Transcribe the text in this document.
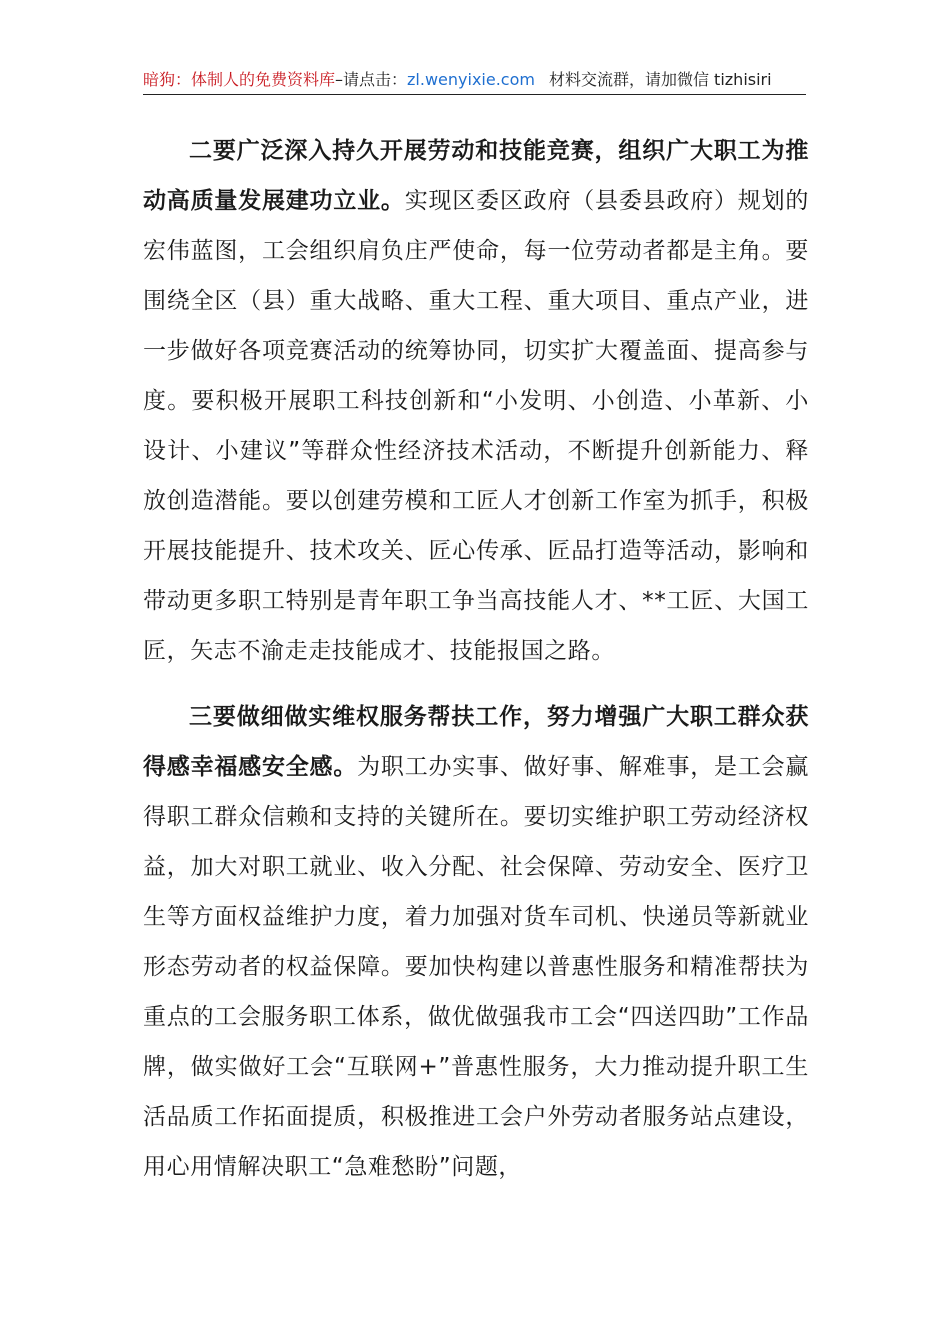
暗狗：体制人的免费资料库–请点击：zl.wenyixie.com 材料交流群，请加微信 tizhisiri

二要广泛深入持久开展劳动和技能竞赛，组织广大职工为推动高质量发展建功立业。实现区委区政府（县委县政府）规划的宏伟蓝图，工会组织肩负庄严使命，每一位劳动者都是主角。要围绕全区（县）重大战略、重大工程、重大项目、重点产业，进一步做好各项竞赛活动的统筹协同，切实扩大覆盖面、提高参与度。要积极开展职工科技创新和“小发明、小创造、小革新、小设计、小建议”等群众性经济技术活动，不断提升创新能力、释放创造潜能。要以创建劳模和工匠人才创新工作室为抓手，积极开展技能提升、技术攻关、匠心传承、匠品打造等活动，影响和带动更多职工特别是青年职工争当高技能人才、**工匠、大国工匠，矢志不渝走走技能成才、技能报国之路。

三要做细做实维权服务帮扶工作，努力增强广大职工群众获得感幸福感安全感。为职工办实事、做好事、解难事，是工会赢得职工群众信赖和支持的关键所在。要切实维护职工劳动经济权益，加大对职工就业、收入分配、社会保障、劳动安全、医疗卫生等方面权益维护力度，着力加强对货车司机、快递员等新就业形态劳动者的权益保障。要加快构建以普惠性服务和精准帮扶为重点的工会服务职工体系，做优做强我市工会“四送四助”工作品牌，做实做好工会“互联网+”普惠性服务，大力推动提升职工生活品质工作拓面提质，积极推进工会户外劳动者服务站点建设，用心用情解决职工“急难愁盼”问题，
